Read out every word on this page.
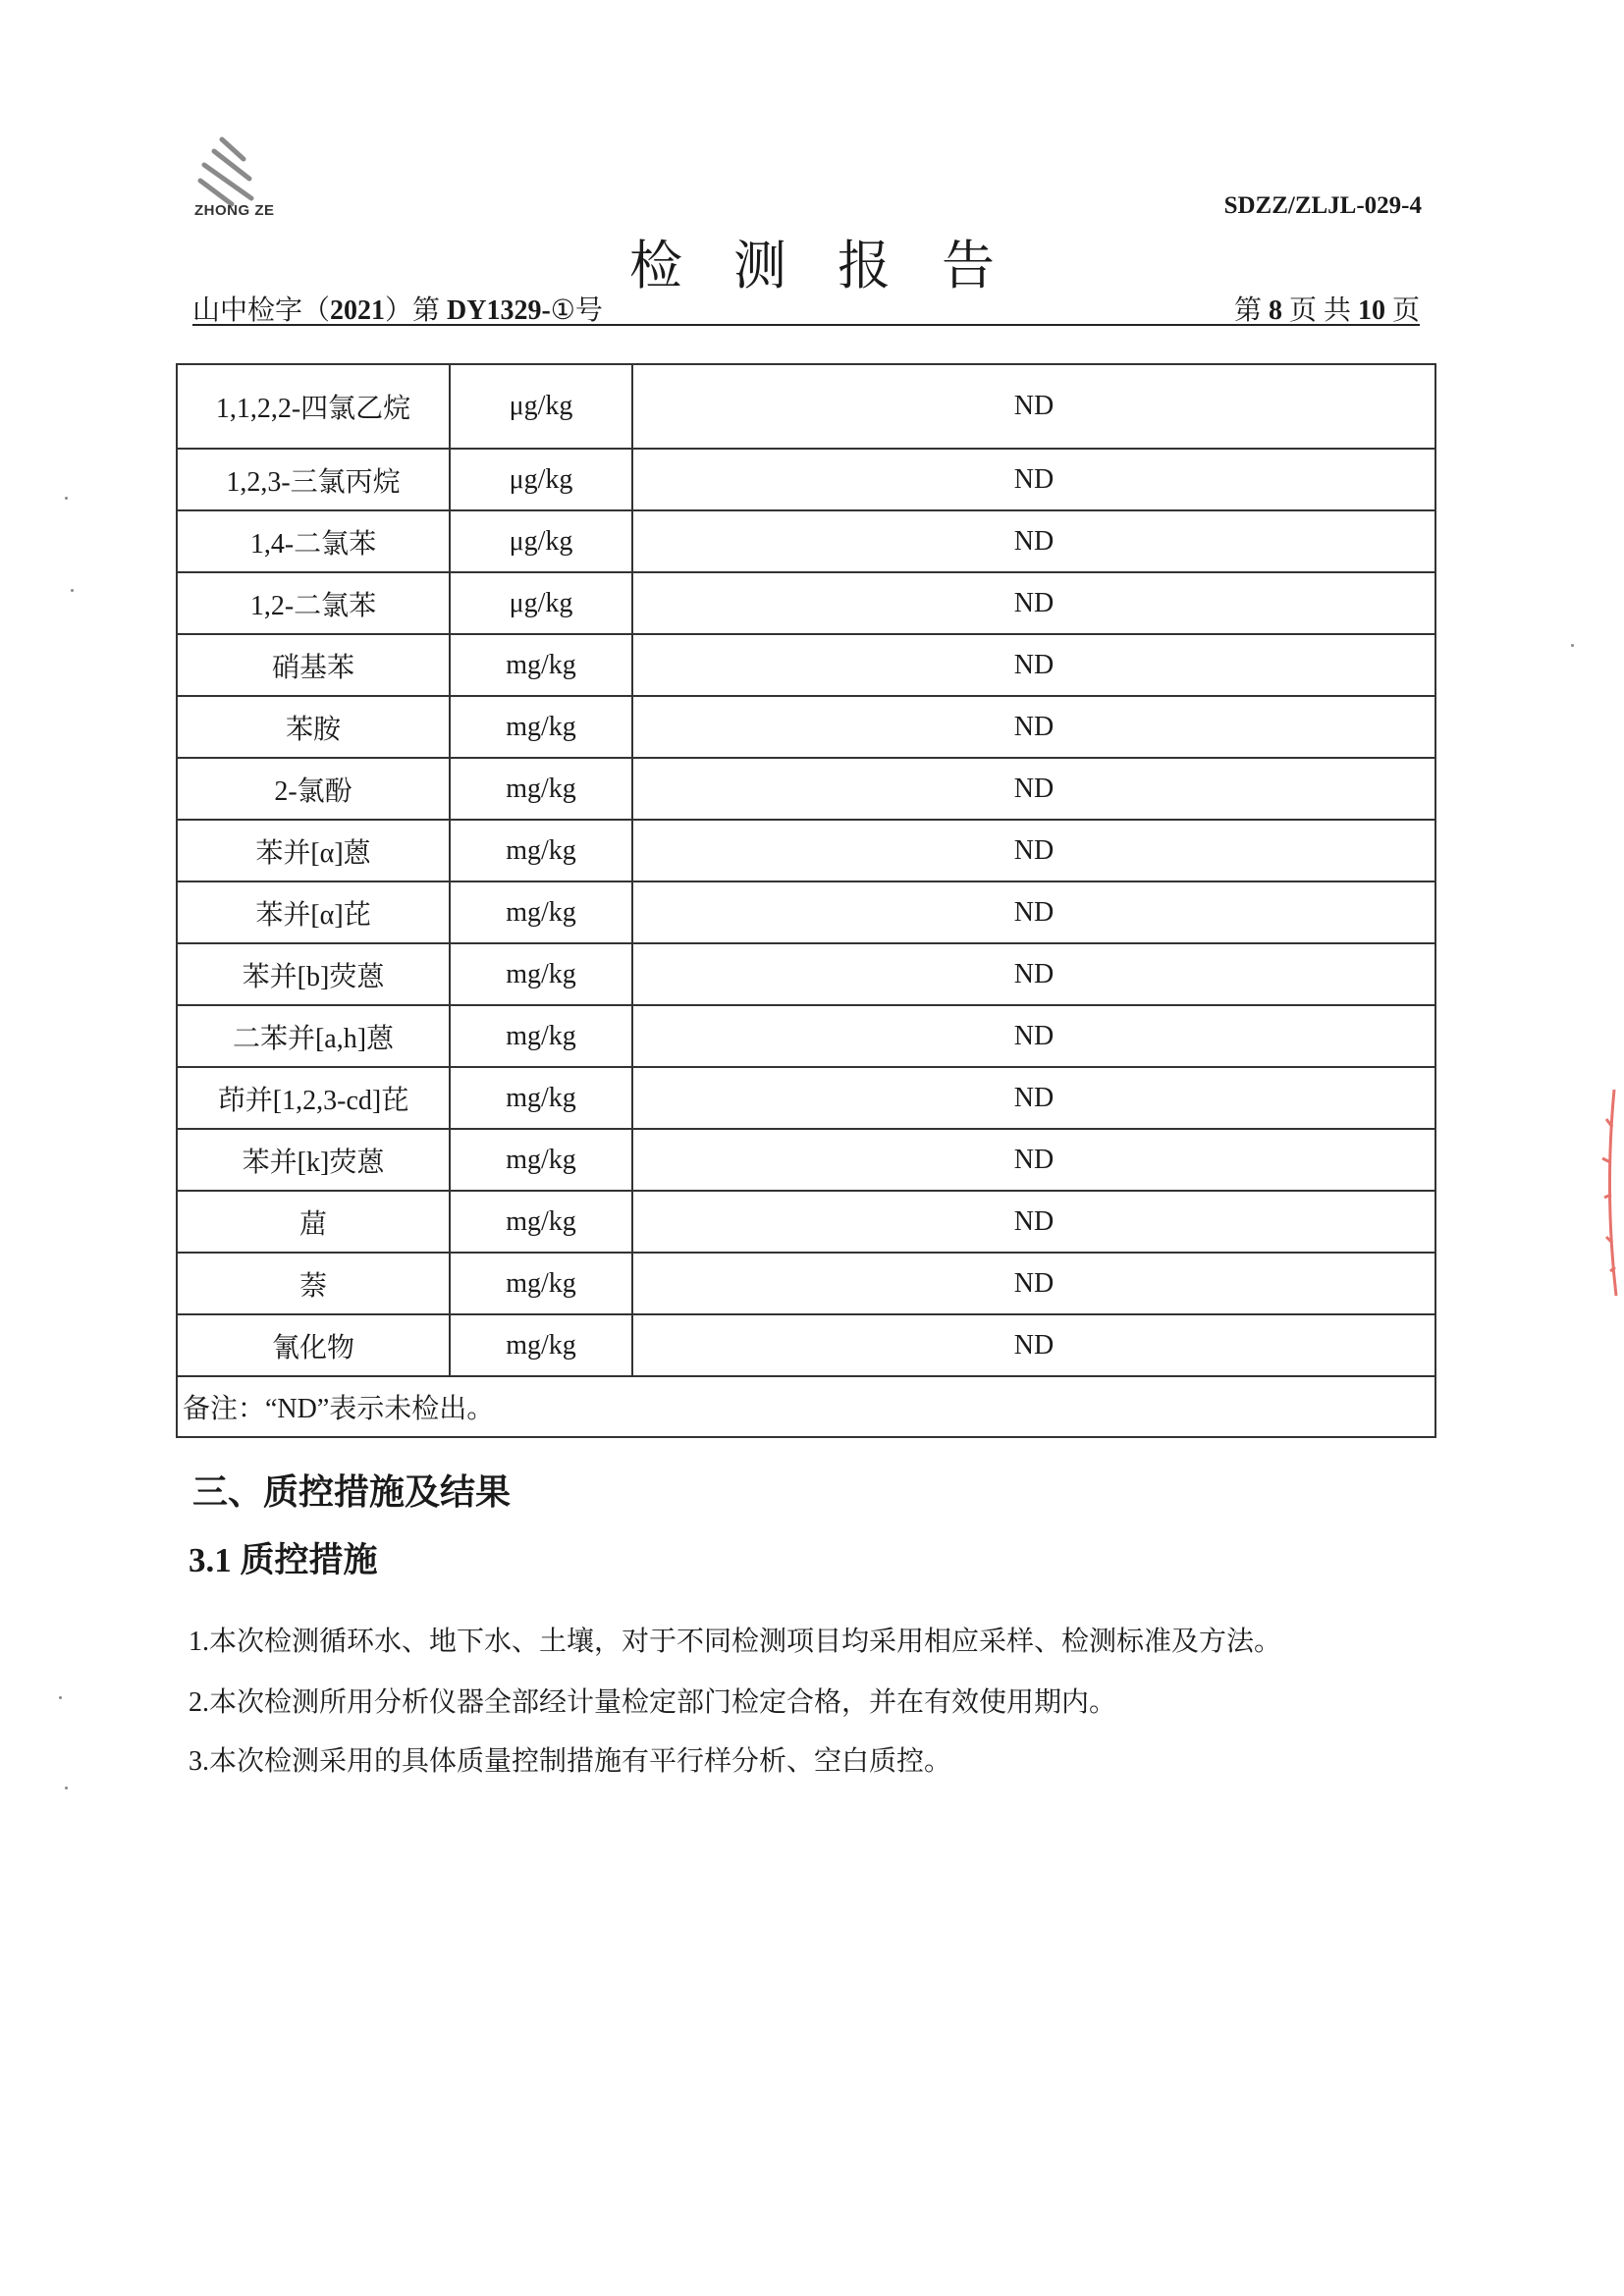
ZHONG ZE	SDZZ/ZLJL-029-4
检测报告
山中检字（2021）第 DY1329-①号	第 8 页 共 10 页
1,1,2,2-四氯乙烷	μg/kg	ND
1,2,3-三氯丙烷	μg/kg	ND
1,4-二氯苯	μg/kg	ND
1,2-二氯苯	μg/kg	ND
硝基苯	mg/kg	ND
苯胺	mg/kg	ND
2-氯酚	mg/kg	ND
苯并[α]蒽	mg/kg	ND
苯并[α]芘	mg/kg	ND
苯并[b]荧蒽	mg/kg	ND
二苯并[a,h]蒽	mg/kg	ND
茚并[1,2,3-cd]芘	mg/kg	ND
苯并[k]荧蒽	mg/kg	ND
䓛	mg/kg	ND
萘	mg/kg	ND
氰化物	mg/kg	ND
备注：“ND”表示未检出。		
三、质控措施及结果
3.1 质控措施
1.本次检测循环水、地下水、土壤，对于不同检测项目均采用相应采样、检测标准及方法。
2.本次检测所用分析仪器全部经计量检定部门检定合格，并在有效使用期内。
3.本次检测采用的具体质量控制措施有平行样分析、空白质控。
